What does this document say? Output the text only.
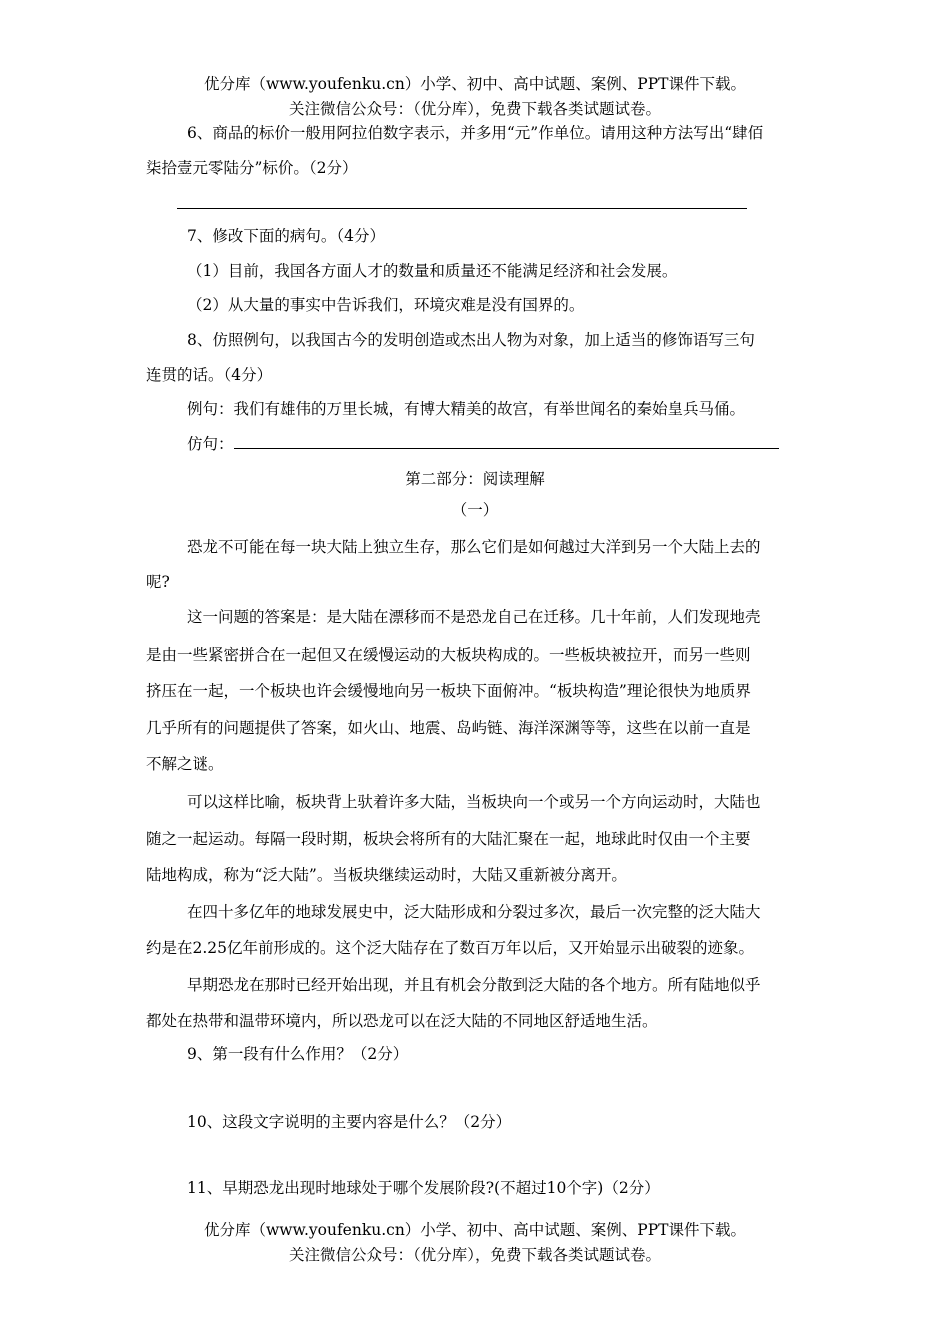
优分库（www.youfenku.cn）小学、初中、高中试题、案例、PPT课件下载。
关注微信公众号：（优分库），免费下载各类试题试卷。
6、商品的标价一般用阿拉伯数字表示，并多用“元”作单位。请用这种方法写出“肆佰
柒拾壹元零陆分”标价。（2分）
7、修改下面的病句。（4分）
（1）目前，我国各方面人才的数量和质量还不能满足经济和社会发展。
（2）从大量的事实中告诉我们，环境灾难是没有国界的。
8、仿照例句，以我国古今的发明创造或杰出人物为对象，加上适当的修饰语写三句
连贯的话。（4分）
例句：我们有雄伟的万里长城，有博大精美的故宫，有举世闻名的秦始皇兵马俑。
仿句：
第二部分：阅读理解
（一）
恐龙不可能在每一块大陆上独立生存，那么它们是如何越过大洋到另一个大陆上去的
呢?
这一问题的答案是：是大陆在漂移而不是恐龙自己在迁移。几十年前，人们发现地壳
是由一些紧密拼合在一起但又在缓慢运动的大板块构成的。一些板块被拉开，而另一些则
挤压在一起，一个板块也许会缓慢地向另一板块下面俯冲。“板块构造”理论很快为地质界
几乎所有的问题提供了答案，如火山、地震、岛屿链、海洋深渊等等，这些在以前一直是
不解之谜。
可以这样比喻，板块背上驮着许多大陆，当板块向一个或另一个方向运动时，大陆也
随之一起运动。每隔一段时期，板块会将所有的大陆汇聚在一起，地球此时仅由一个主要
陆地构成，称为“泛大陆”。当板块继续运动时，大陆又重新被分离开。
在四十多亿年的地球发展史中，泛大陆形成和分裂过多次，最后一次完整的泛大陆大
约是在2.25亿年前形成的。这个泛大陆存在了数百万年以后，又开始显示出破裂的迹象。
早期恐龙在那时已经开始出现，并且有机会分散到泛大陆的各个地方。所有陆地似乎
都处在热带和温带环境内，所以恐龙可以在泛大陆的不同地区舒适地生活。
9、第一段有什么作用？（2分）
10、这段文字说明的主要内容是什么？（2分）
11、早期恐龙出现时地球处于哪个发展阶段?(不超过10个字)（2分）
优分库（www.youfenku.cn）小学、初中、高中试题、案例、PPT课件下载。
关注微信公众号：（优分库），免费下载各类试题试卷。
